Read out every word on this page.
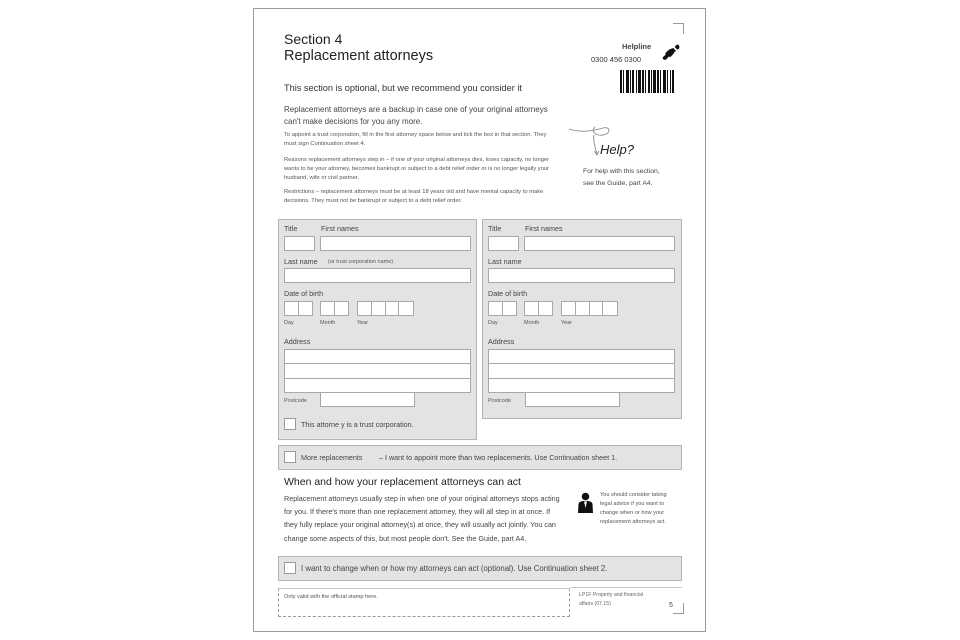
Section 4
Replacement attorneys
This section is optional, but we recommend you consider it
Replacement attorneys are a backup in case one of your original attorneys can't make decisions for you any more.
To appoint a trust corporation, fill in the first attorney space below and tick the box in that section. They must sign Continuation sheet 4.
Reasons replacement attorneys step in – if one of your original attorneys dies, loses capacity, no longer wants to be your attorney, becomes bankrupt or subject to a debt relief order or is no longer legally your husband, wife or civil partner.
Restrictions – replacement attorneys must be at least 18 years old and have mental capacity to make decisions. They must not be bankrupt or subject to a debt relief order.
Helpline
0300 456 0300
Help?
For help with this section, see the Guide, part A4.
Title	First names
Last name (or trust corporation name)
Date of birth
Day	Month	Year
Address
Postcode
This attorne y is a trust corporation.
Title	First names
Last name
Date of birth
Day	Month	Year
Address
Postcode
More replacements – I want to appoint more than two replacements. Use Continuation sheet 1.
When and how your replacement attorneys can act
Replacement attorneys usually step in when one of your original attorneys stops acting for you. If there's more than one replacement attorney, they will all step in at once. If they fully replace your original attorney(s) at once, they will usually act jointly. You can change some aspects of this, but most people don't. See the Guide, part A4.
You should consider taking legal advice if you want to change when or how your replacement attorneys act.
I want to change when or how my attorneys can act (optional). Use Continuation sheet 2.
Only valid with the official stamp here.	LP1F Property and financial affairs (07.15)	5
